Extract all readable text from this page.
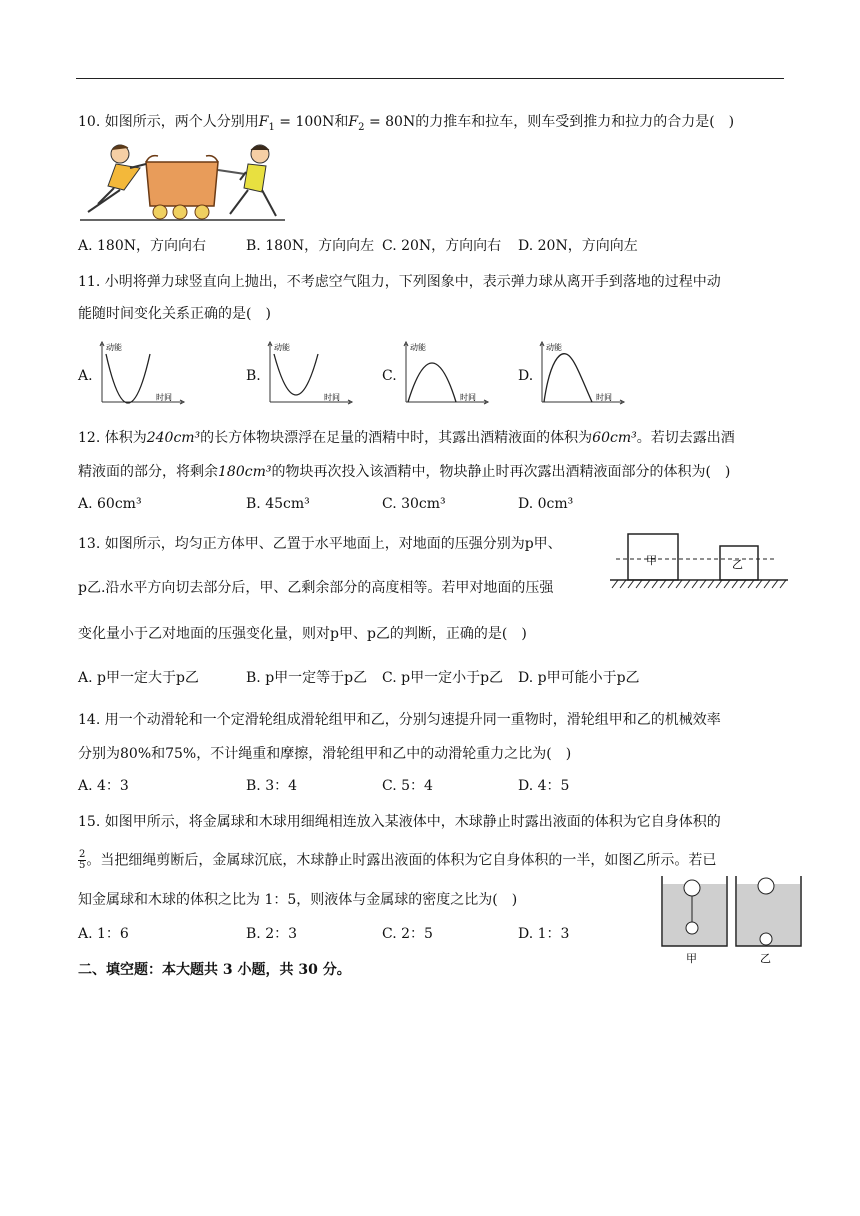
10. 如图所示，两个人分别用$F_1 = 100N$和$F_2 = 80N$的力推车和拉车，则车受到推力和拉力的合力是(　)
A. 180N，方向向右	B. 180N，方向向左 C. 20N，方向向右 D. 20N，方向向左
11. 小明将弹力球竖直向上抛出，不考虑空气阻力，下列图象中，表示弹力球从离开手到落地的过程中动
能随时间变化关系正确的是(　)
A.
动能
时间
B.
动能
时间
C.
动能
时间
D.
动能
时间
12. 体积为240cm³的长方体物块漂浮在足量的酒精中时，其露出酒精液面的体积为60cm³。若切去露出酒
精液面的部分，将剩余180cm³的物块再次投入该酒精中，物块静止时再次露出酒精液面部分的体积为(　)
A. 60cm³	B. 45cm³	C. 30cm³	D. 0cm³
13. 如图所示，均匀正方体甲、乙置于水平地面上，对地面的压强分别为p甲、
p乙.沿水平方向切去部分后，甲、乙剩余部分的高度相等。若甲对地面的压强
变化量小于乙对地面的压强变化量，则对p甲、p乙的判断，正确的是(　)
甲	乙
A. p甲一定大于p乙	B. p甲一定等于p乙 C. p甲一定小于p乙 D. p甲可能小于p乙
14. 用一个动滑轮和一个定滑轮组成滑轮组甲和乙，分别匀速提升同一重物时，滑轮组甲和乙的机械效率
分别为80%和75%，不计绳重和摩擦，滑轮组甲和乙中的动滑轮重力之比为(　)
A. 4：3	B. 3：4	C. 5：4	D. 4：5
15. 如图甲所示，将金属球和木球用细绳相连放入某液体中，木球静止时露出液面的体积为它自身体积的
$\frac{2}{5}$ 。当把细绳剪断后，金属球沉底，木球静止时露出液面的体积为它自身体积的一半，如图乙所示。若已
知金属球和木球的体积之比为 1：5，则液体与金属球的密度之比为(　)
A. 1：6	B. 2：3	C. 2：5	D. 1：3
甲	乙
二、填空题：本大题共 3 小题，共 30 分。
